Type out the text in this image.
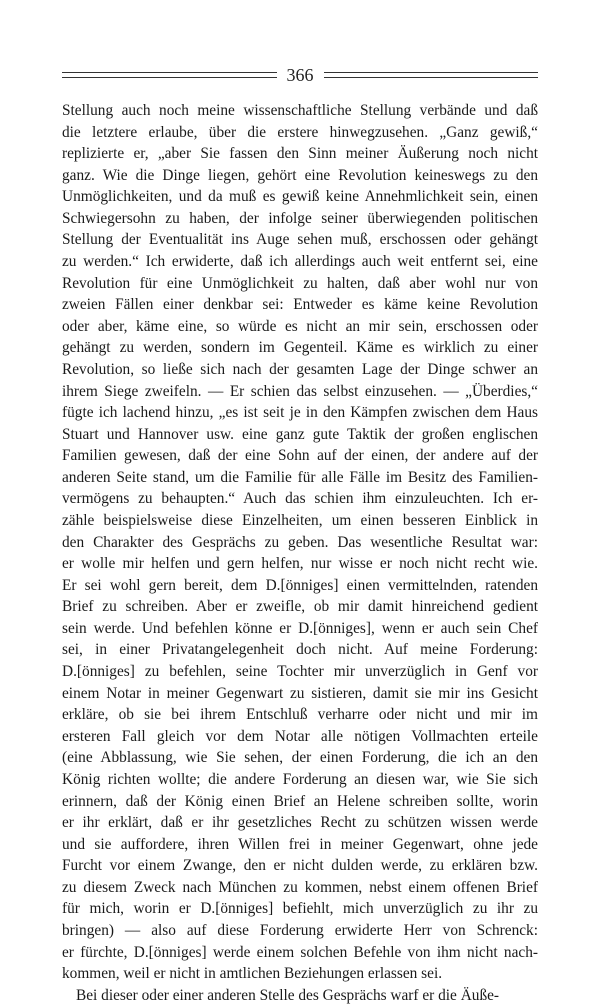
366
Stellung auch noch meine wissenschaftliche Stellung verbände und daß
die letztere erlaube, über die erstere hinwegzusehen. „Ganz gewiß,“
replizierte er, „aber Sie fassen den Sinn meiner Äußerung noch nicht
ganz. Wie die Dinge liegen, gehört eine Revolution keineswegs zu den
Unmöglichkeiten, und da muß es gewiß keine Annehmlichkeit sein, einen
Schwiegersohn zu haben, der infolge seiner überwiegenden politischen
Stellung der Eventualität ins Auge sehen muß, erschossen oder gehängt
zu werden.“ Ich erwiderte, daß ich allerdings auch weit entfernt sei, eine
Revolution für eine Unmöglichkeit zu halten, daß aber wohl nur von
zweien Fällen einer denkbar sei: Entweder es käme keine Revolution
oder aber, käme eine, so würde es nicht an mir sein, erschossen oder
gehängt zu werden, sondern im Gegenteil. Käme es wirklich zu einer
Revolution, so ließe sich nach der gesamten Lage der Dinge schwer an
ihrem Siege zweifeln. — Er schien das selbst einzusehen. — „Überdies,“
fügte ich lachend hinzu, „es ist seit je in den Kämpfen zwischen dem Haus
Stuart und Hannover usw. eine ganz gute Taktik der großen englischen
Familien gewesen, daß der eine Sohn auf der einen, der andere auf der
anderen Seite stand, um die Familie für alle Fälle im Besitz des Familien-
vermögens zu behaupten.“ Auch das schien ihm einzuleuchten. Ich er-
zähle beispielsweise diese Einzelheiten, um einen besseren Einblick in
den Charakter des Gesprächs zu geben. Das wesentliche Resultat war:
er wolle mir helfen und gern helfen, nur wisse er noch nicht recht wie.
Er sei wohl gern bereit, dem D.[önniges] einen vermittelnden, ratenden
Brief zu schreiben. Aber er zweifle, ob mir damit hinreichend gedient
sein werde. Und befehlen könne er D.[önniges], wenn er auch sein Chef
sei, in einer Privatangelegenheit doch nicht. Auf meine Forderung:
D.[önniges] zu befehlen, seine Tochter mir unverzüglich in Genf vor
einem Notar in meiner Gegenwart zu sistieren, damit sie mir ins Gesicht
erkläre, ob sie bei ihrem Entschluß verharre oder nicht und mir im
ersteren Fall gleich vor dem Notar alle nötigen Vollmachten erteile
(eine Abblassung, wie Sie sehen, der einen Forderung, die ich an den
König richten wollte; die andere Forderung an diesen war, wie Sie sich
erinnern, daß der König einen Brief an Helene schreiben sollte, worin
er ihr erklärt, daß er ihr gesetzliches Recht zu schützen wissen werde
und sie auffordere, ihren Willen frei in meiner Gegenwart, ohne jede
Furcht vor einem Zwange, den er nicht dulden werde, zu erklären bzw.
zu diesem Zweck nach München zu kommen, nebst einem offenen Brief
für mich, worin er D.[önniges] befiehlt, mich unverzüglich zu ihr zu
bringen) — also auf diese Forderung erwiderte Herr von Schrenck:
er fürchte, D.[önniges] werde einem solchen Befehle von ihm nicht nach-
kommen, weil er nicht in amtlichen Beziehungen erlassen sei.
Bei dieser oder einer anderen Stelle des Gesprächs warf er die Äuße-
